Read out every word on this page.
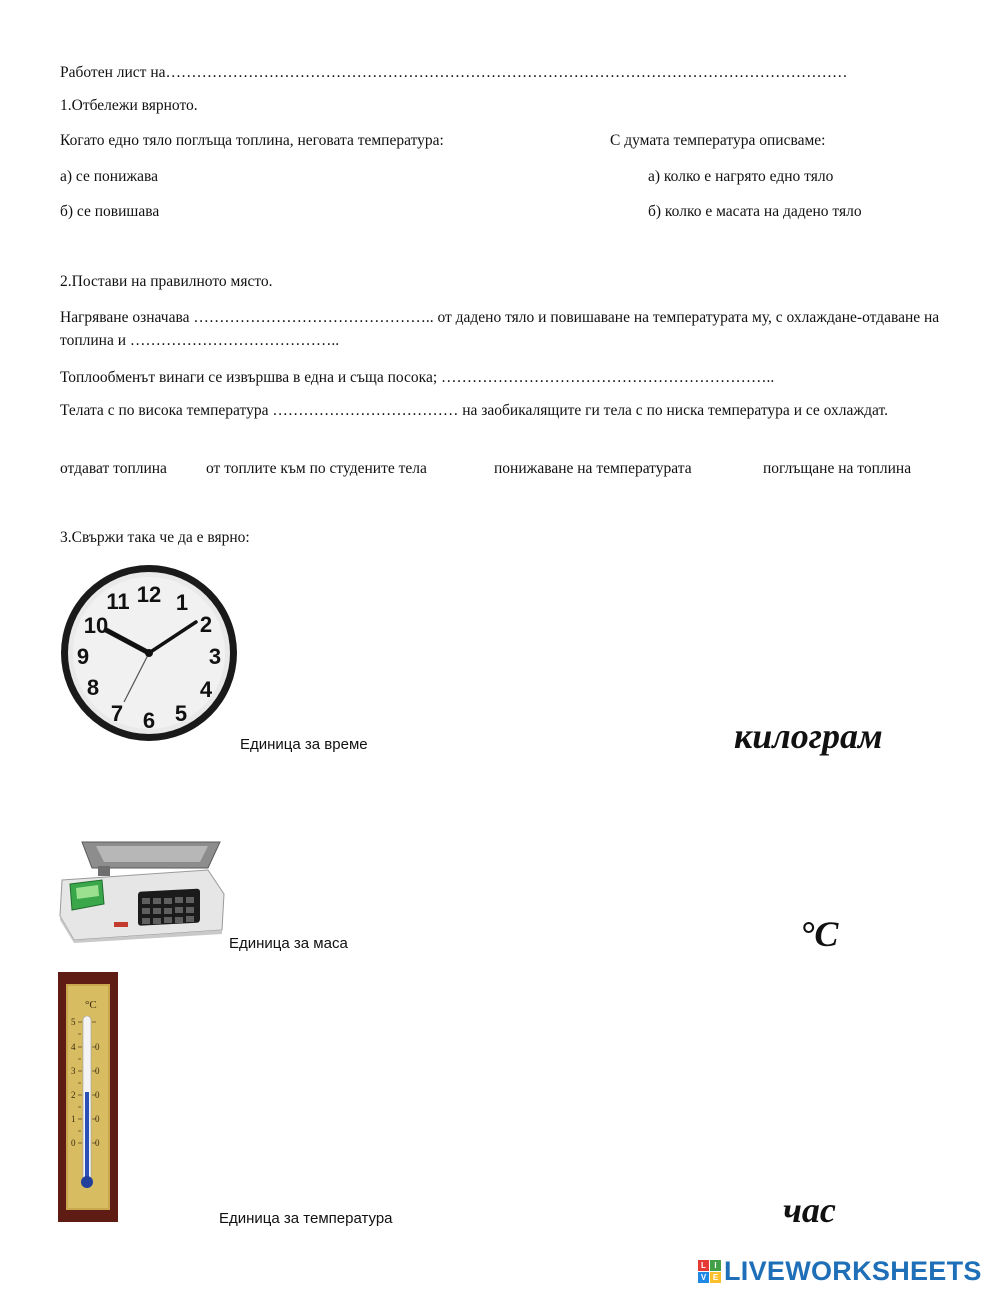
Работен лист на……………………………………………………………………………………………………………………
1.Отбележи вярното.
Когато едно тяло поглъща топлина, неговата температура:
а) се понижава
б) се повишава
С думата температура описваме:
а) колко е нагрято едно тяло
б) колко е масата на дадено тяло
2.Постави на правилното място.
Нагряване означава ……………………………………….. от дадено тяло и повишаване на температурата му, с охлаждане-отдаване на топлина и …………………………………..
Топлообменът винаги се извършва в една и съща посока; ………………………………………………………..
Телата с по висока температура ……………………………… на заобикалящите ги тела с по ниска температура и се охлаждат.
отдават топлина	от топлите към по студените тела	понижаване на температурата	поглъщане на топлина
3.Свържи така че да е вярно:
12 1
2
3
4
5
6
7
8
9
10
11
Единица за време	килограм
Единица за маса	°C
°C
5
4
3
2
1
0
0
0
0
0
0
Единица за температура	час
L	I
V E LIVEWORKSHEETS
